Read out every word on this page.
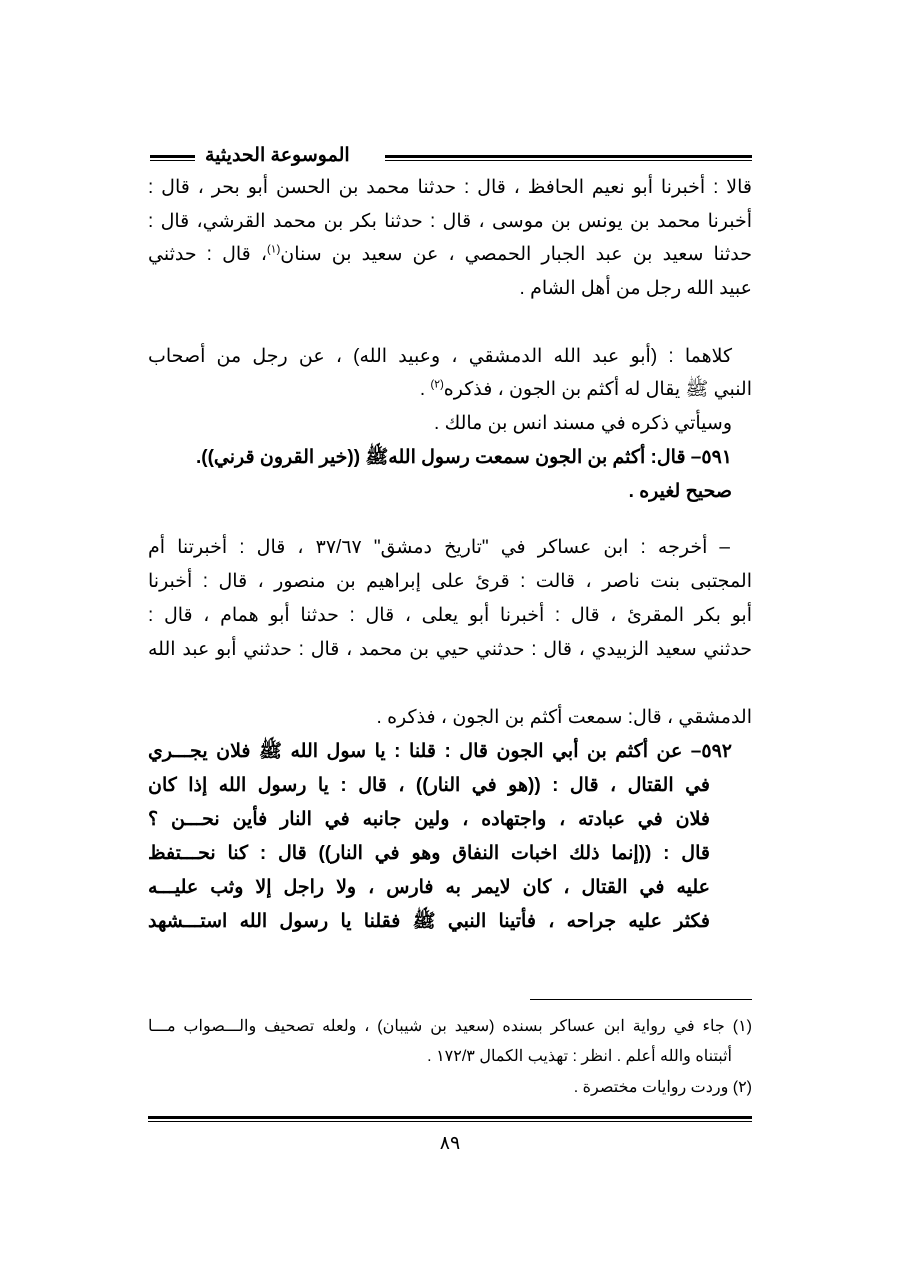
الموسوعة الحديثية
قالا : أخبرنا أبو نعيم الحافظ ، قال : حدثنا محمد بن الحسن أبو بحر ، قال :
أخبرنا محمد بن يونس بن موسى ، قال : حدثنا بكر بن محمد القرشي، قال :
حدثنا سعيد بن عبد الجبار الحمصي ، عن سعيد بن سنان$^{(١)}$، قال : حدثني
عبيد الله رجل من أهل الشام .
كلاهما : (أبو عبد الله الدمشقي ، وعبيد الله) ، عن رجل من أصحاب
النبي ﷺ يقال له أكثم بن الجون ، فذكره$^{(٢)}$ .
وسيأتي ذكره في مسند انس بن مالك .
٥٩١– قال: أكثم بن الجون سمعت رسول اللهﷺ ((خير القرون قرني)).
صحيح لغيره .
– أخرجه : ابن عساكر في "تاريخ دمشق" ٣٧/٦٧ ، قال : أخبرتنا أم
المجتبى بنت ناصر ، قالت : قرئ على إبراهيم بن منصور ، قال : أخبرنا
أبو بكر المقرئ ، قال : أخبرنا أبو يعلى ، قال : حدثنا أبو همام ، قال :
حدثني سعيد الزبيدي ، قال : حدثني حيي بن محمد ، قال : حدثني أبو عبد الله
الدمشقي ، قال: سمعت أكثم بن الجون ، فذكره .
٥٩٢– عن أكثم بن أبي الجون قال : قلنا : يا سول الله ﷺ فلان يجـــري
في القتال ، قال : ((هو في النار)) ، قال : يا رسول الله إذا كان
فلان في عبادته ، واجتهاده ، ولين جانبه في النار فأين نحـــن ؟
قال : ((إنما ذلك اخبات النفاق وهو في النار)) قال : كنا نحـــتفظ
عليه في القتال ، كان لايمر به فارس ، ولا راجل إلا وثب عليـــه
فكثر عليه جراحه ، فأتينا النبي ﷺ فقلنا يا رسول الله استـــشهد
(١) جاء في رواية ابن عساكر بسنده (سعيد بن شيبان) ، ولعله تصحيف والـــصواب مـــا
أثبتناه والله أعلم . انظر : تهذيب الكمال ١٧٢/٣ .
(٢) وردت روايات مختصرة .
٨٩
